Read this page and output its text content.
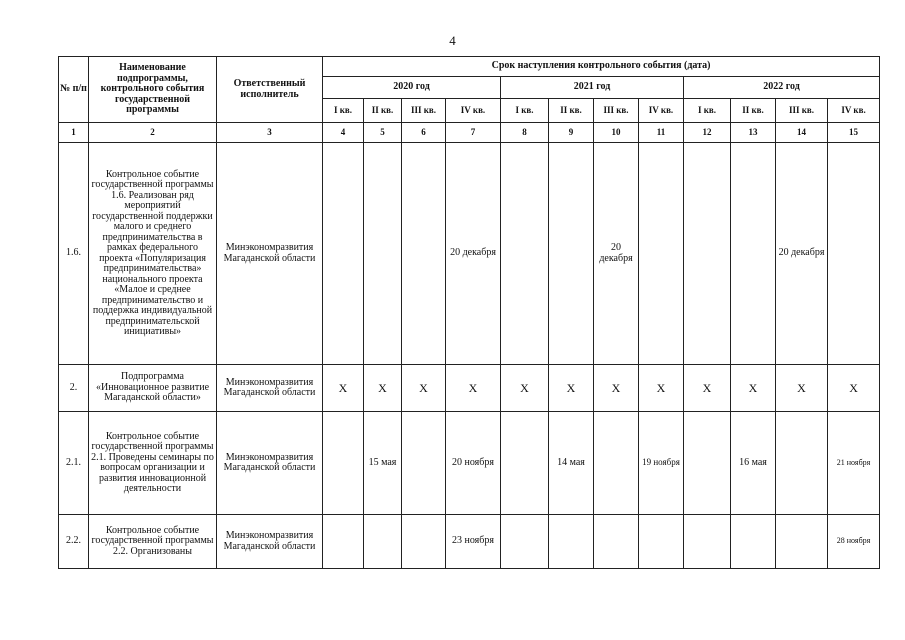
4
№ п/п	Наименование подпрограммы, контрольного события государственной программы	Ответственный исполнитель	Срок наступления контрольного события (дата)											
			2020 год				2021 год				2022 год			
			I кв.	II кв.	III кв.	IV кв.	I кв.	II кв.	III кв.	IV кв.	I кв.	II кв.	III кв.	IV кв.
1	2	3	4	5	6	7	8	9	10	11	12	13	14	15
1.6.	Контрольное событие государственной программы 1.6. Реализован ряд мероприятий государственной поддержки малого и среднего предпринимательства в рамках федерального проекта «Популяризация предпринимательства» национального проекта «Малое и среднее предпринимательство и поддержка индивидуальной предпринимательской инициативы»	Минэкономразвития Магаданской области				20 декабря			20 декабря				20 декабря	
2.	Подпрограмма «Инновационное развитие Магаданской области»	Минэкономразвития Магаданской области	Х	Х	Х	Х	Х	Х	Х	Х	Х	Х	Х	Х
2.1.	Контрольное событие государственной программы 2.1. Проведены семинары по вопросам организации и развития инновационной деятельности	Минэкономразвития Магаданской области		15 мая		20 ноября		14 мая		19 ноября		16 мая		21 ноября
2.2.	Контрольное событие государственной программы 2.2. Организованы	Минэкономразвития Магаданской области				23 ноября								28 ноября
